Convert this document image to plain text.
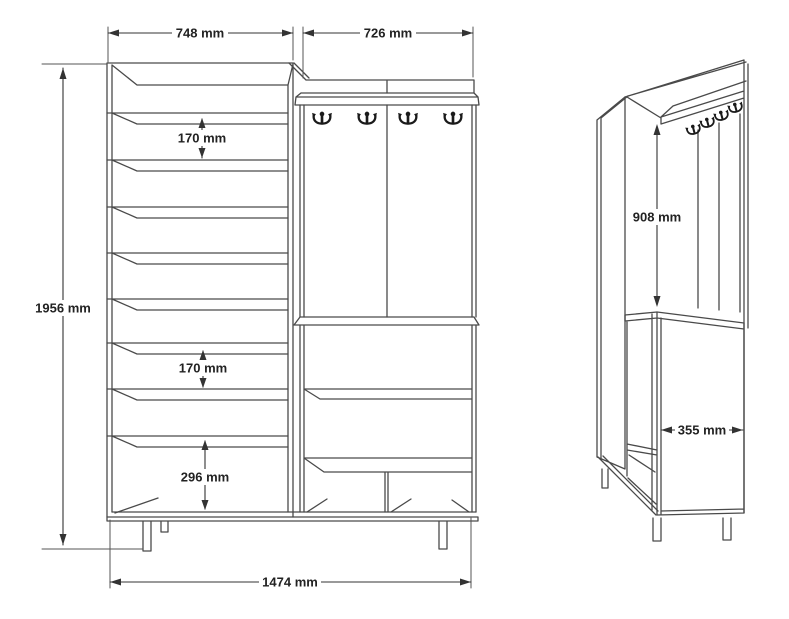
748 mm	726 mm
1956 mm
170 mm
170 mm
296 mm
1474 mm
908 mm
355 mm
